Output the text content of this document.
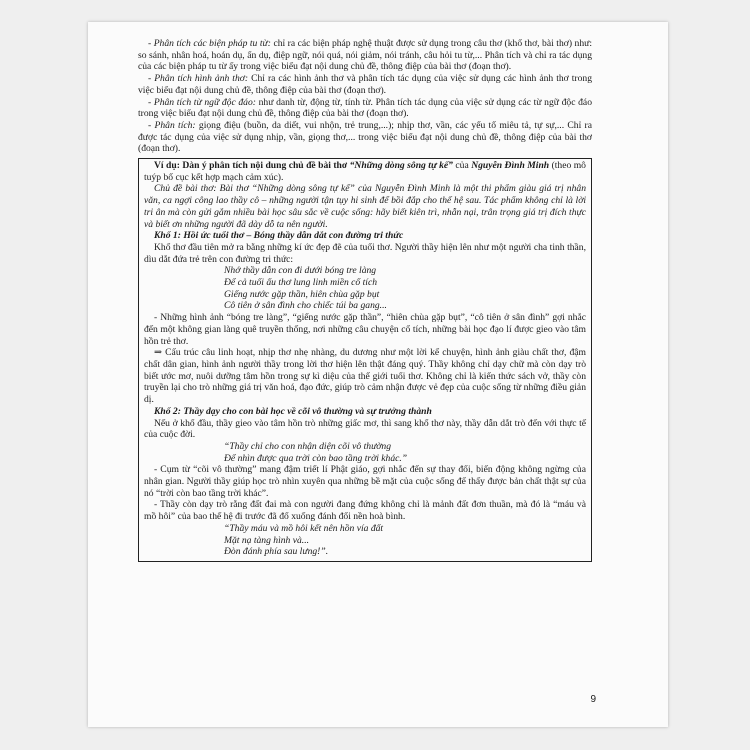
- Phân tích các biện pháp tu từ: chỉ ra các biện pháp nghệ thuật được sử dụng trong câu thơ (khổ thơ, bài thơ) như: so sánh, nhân hoá, hoán dụ, ẩn dụ, điệp ngữ, nói quá, nói giảm, nói tránh, câu hỏi tu từ,... Phân tích và chỉ ra tác dụng của các biện pháp tu từ ấy trong việc biểu đạt nội dung chủ đề, thông điệp của bài thơ (đoạn thơ).

- Phân tích hình ảnh thơ: Chỉ ra các hình ảnh thơ và phân tích tác dụng của việc sử dụng các hình ảnh thơ trong việc biểu đạt nội dung chủ đề, thông điệp của bài thơ (đoạn thơ).

- Phân tích từ ngữ độc đáo: như danh từ, động từ, tính từ. Phân tích tác dụng của việc sử dụng các từ ngữ độc đáo trong việc biểu đạt nội dung chủ đề, thông điệp của bài thơ (đoạn thơ).

- Phân tích: giọng điệu (buồn, da diết, vui nhộn, trẻ trung,...); nhịp thơ, vần, các yếu tố miêu tả, tự sự,... Chỉ ra được tác dụng của việc sử dụng nhịp, vần, giọng thơ,... trong việc biểu đạt nội dung chủ đề, thông điệp của bài thơ (đoạn thơ).

Ví dụ: Dàn ý phân tích nội dung chủ đề bài thơ “Những dòng sông tự kể” của Nguyễn Đình Minh (theo mô tuýp bố cục kết hợp mạch cảm xúc).

Chủ đề bài thơ: Bài thơ “Những dòng sông tự kể” của Nguyễn Đình Minh là một thi phẩm giàu giá trị nhân văn, ca ngợi công lao thầy cô – những người tận tụy hi sinh để bồi đắp cho thế hệ sau. Tác phẩm không chỉ là lời tri ân mà còn gửi gắm nhiều bài học sâu sắc về cuộc sống: hãy biết kiên trì, nhẫn nại, trân trọng giá trị đích thực và biết ơn những người đã dày dỗ ta nên người.

Khổ 1: Hồi ức tuổi thơ – Bóng thầy dẫn dắt con đường tri thức

Khổ thơ đầu tiên mở ra bằng những kí ức đẹp đẽ của tuổi thơ. Người thầy hiện lên như một người cha tinh thần, dìu dắt đứa trẻ trên con đường tri thức:

Nhớ thầy dẫn con đi dưới bóng tre làng

Để cả tuổi ấu thơ lung linh miền cổ tích

Giếng nước gặp thần, hiên chùa gặp bụt

Cô tiên ở sân đình cho chiếc túi ba gang...

- Những hình ảnh “bóng tre làng”, “giếng nước gặp thần”, “hiên chùa gặp bụt”, “cô tiên ở sân đình” gợi nhắc đến một không gian làng quê truyền thống, nơi những câu chuyện cổ tích, những bài học đạo lí được gieo vào tâm hồn trẻ thơ.

⇒ Cấu trúc câu linh hoạt, nhịp thơ nhẹ nhàng, du dương như một lời kể chuyện, hình ảnh giàu chất thơ, đậm chất dân gian, hình ảnh người thầy trong lời thơ hiện lên thật đáng quý. Thầy không chỉ dạy chữ mà còn dạy trò biết ước mơ, nuôi dưỡng tâm hồn trong sự kì diệu của thế giới tuổi thơ. Không chỉ là kiến thức sách vở, thầy còn truyền lại cho trò những giá trị văn hoá, đạo đức, giúp trò cảm nhận được vẻ đẹp của cuộc sống từ những điều giản dị.

Khổ 2: Thầy dạy cho con bài học về cõi vô thường và sự trưởng thành

Nếu ở khổ đầu, thầy gieo vào tâm hồn trò những giấc mơ, thì sang khổ thơ này, thầy dẫn dắt trò đến với thực tế của cuộc đời.

“Thầy chỉ cho con nhận diện cõi vô thường

Để nhìn được qua trời còn bao tầng trời khác.”

- Cụm từ “cõi vô thường” mang đậm triết lí Phật giáo, gợi nhắc đến sự thay đổi, biến động không ngừng của nhân gian. Người thầy giúp học trò nhìn xuyên qua những bề mặt của cuộc sống để thấy được bản chất thật sự của nó “trời còn bao tầng trời khác”.

- Thầy còn dạy trò rằng đất đai mà con người đang đứng không chỉ là mảnh đất đơn thuần, mà đó là “máu và mồ hôi” của bao thế hệ đi trước đã đổ xuống đánh đổi nền hoà bình.

“Thầy máu và mồ hôi kết nên hồn vía đất

Mặt nạ tàng hình và...

Đòn đánh phía sau lưng!”.

9
